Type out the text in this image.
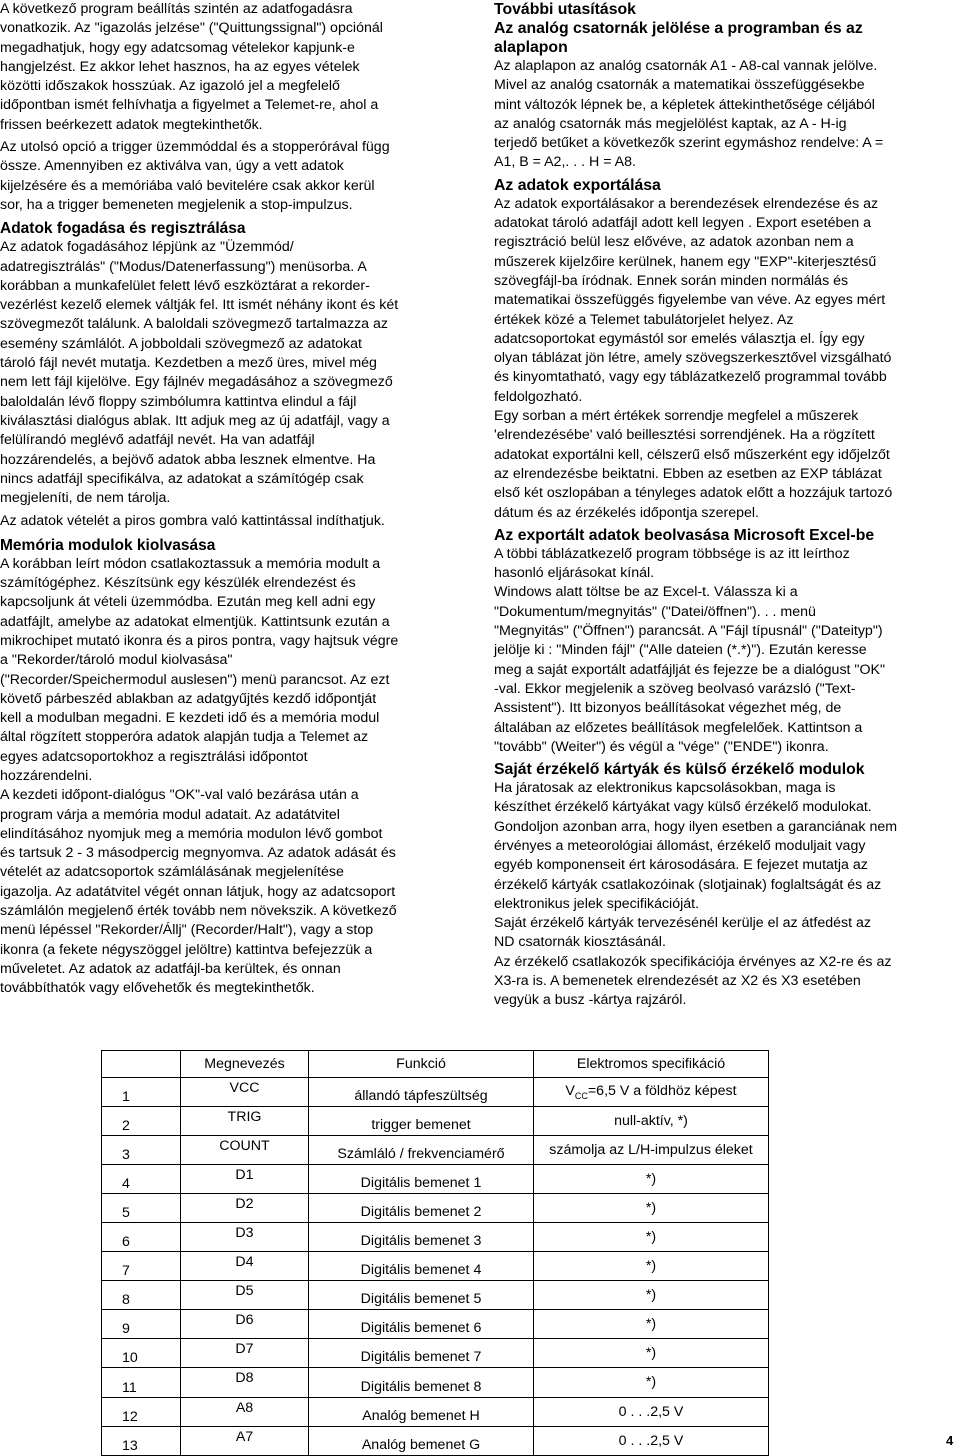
A következő program beállítás szintén az adatfogadásra
vonatkozik. Az "igazolás jelzése" ("Quittungssignal") opciónál
megadhatjuk, hogy egy adatcsomag vételekor kapjunk-e
hangjelzést. Ez akkor lehet hasznos, ha az egyes vételek
közötti időszakok hosszúak. Az igazoló jel a megfelelő
időpontban ismét felhívhatja a figyelmet a Telemet-re, ahol a
frissen beérkezett adatok megtekinthetők.

Az utolsó opció a trigger üzemmóddal és a stopperórával függ
össze. Amennyiben ez aktiválva van, úgy a vett adatok
kijelzésére és a memóriába való bevitelére csak akkor kerül
sor, ha a trigger bemeneten megjelenik a stop-impulzus.

Adatok fogadása és regisztrálása

Az adatok fogadásához lépjünk az "Üzemmód/
adatregisztrálás" ("Modus/Datenerfassung") menüsorba. A
korábban a munkafelület felett lévő eszköztárat a rekorder-
vezérlést kezelő elemek váltják fel. Itt ismét néhány ikont és két
szövegmezőt találunk. A baloldali szövegmező tartalmazza az
esemény számlálót. A jobboldali szövegmező az adatokat
tároló fájl nevét mutatja. Kezdetben a mező üres, mivel még
nem lett fájl kijelölve. Egy fájlnév megadásához a szövegmező
baloldalán lévő floppy szimbólumra kattintva elindul a fájl
kiválasztási dialógus ablak. Itt adjuk meg az új adatfájl, vagy a
felülírandó meglévő adatfájl nevét. Ha van adatfájl
hozzárendelés, a bejövő adatok abba lesznek elmentve. Ha
nincs adatfájl specifikálva, az adatokat a számítógép csak
megjeleníti, de nem tárolja.

Az adatok vételét a piros gombra való kattintással indíthatjuk.

Memória modulok kiolvasása

A korábban leírt módon csatlakoztassuk a memória modult a
számítógéphez. Készítsünk egy készülék elrendezést és
kapcsoljunk át vételi üzemmódba. Ezután meg kell adni egy
adatfájlt, amelybe az adatokat elmentjük. Kattintsunk ezután a
mikrochipet mutató ikonra és a piros pontra, vagy hajtsuk végre
a "Rekorder/tároló modul kiolvasása"
("Recorder/Speichermodul auslesen") menü parancsot. Az ezt
követő párbeszéd ablakban az adatgyűjtés kezdő időpontját
kell a modulban megadni. E kezdeti idő és a memória modul
által rögzített stopperóra adatok alapján tudja a Telemet az
egyes adatcsoportokhoz a regisztrálási időpontot
hozzárendelni.
A kezdeti időpont-dialógus "OK"-val való bezárása után a
program várja a memória modul adatait. Az adatátvitel
elindításához nyomjuk meg a memória modulon lévő gombot
és tartsuk 2 - 3 másodpercig megnyomva. Az adatok adását és
vételét az adatcsoportok számlálásának megjelenítése
igazolja. Az adatátvitel végét onnan látjuk, hogy az adatcsoport
számlálón megjelenő érték tovább nem növekszik. A következő
menü lépéssel "Rekorder/Állj" (Recorder/Halt"), vagy a stop
ikonra (a fekete négyszöggel jelöltre) kattintva befejezzük a
műveletet. Az adatok az adatfájl-ba kerültek, és onnan
továbbíthatók vagy elővehetők és megtekinthetők.

További utasítások
Az analóg csatornák jelölése a programban és az
alaplapon

Az alaplapon az analóg csatornák A1 - A8-cal vannak jelölve.
Mivel az analóg csatornák a matematikai összefüggésekbe
mint változók lépnek be, a képletek áttekinthetősége céljából
az analóg csatornák más megjelölést kaptak, az A - H-ig
terjedő betűket a következők szerint egymáshoz rendelve: A =
A1, B = A2,. . . H = A8.

Az adatok exportálása

Az adatok exportálásakor a berendezések elrendezése és az
adatokat tároló adatfájl adott kell legyen . Export esetében a
regisztráció belül lesz elővéve, az adatok azonban nem a
műszerek kijelzőire kerülnek, hanem egy "EXP"-kiterjesztésű
szövegfájl-ba íródnak. Ennek során minden normálás és
matematikai összefüggés figyelembe van véve. Az egyes mért
értékek közé a Telemet tabulátorjelet helyez. Az
adatcsoportokat egymástól sor emelés választja el. Így egy
olyan táblázat jön létre, amely szövegszerkesztővel vizsgálható
és kinyomtatható, vagy egy táblázatkezelő programmal tovább
feldolgozható.
Egy sorban a mért értékek sorrendje megfelel a műszerek
'elrendezésébe' való beillesztési sorrendjének. Ha a rögzített
adatokat exportálni kell, célszerű első műszerként egy időjelzőt
az elrendezésbe beiktatni. Ebben az esetben az EXP táblázat
első két oszlopában a tényleges adatok előtt a hozzájuk tartozó
dátum és az érzékelés időpontja szerepel.

Az exportált adatok beolvasása Microsoft Excel-be

A többi táblázatkezelő program többsége is az itt leírthoz
hasonló eljárásokat kínál.
Windows alatt töltse be az Excel-t. Válassza ki a
"Dokumentum/megnyitás" ("Datei/öffnen"). . . menü
"Megnyitás" ("Öffnen") parancsát. A "Fájl típusnál" ("Dateityp")
jelölje ki : "Minden fájl" ("Alle dateien (*.*)"). Ezután keresse
meg a saját exportált adatfájlját és fejezze be a dialógust "OK"
-val. Ekkor megjelenik a szöveg beolvasó varázsló ("Text-
Assistent"). Itt bizonyos beállításokat végezhet még, de
általában az előzetes beállítások megfelelőek. Kattintson a
"tovább" (Weiter") és végül a "vége" ("ENDE") ikonra.

Saját érzékelő kártyák és külső érzékelő modulok

Ha járatosak az elektronikus kapcsolásokban, maga is
készíthet érzékelő kártyákat vagy külső érzékelő modulokat.
Gondoljon azonban arra, hogy ilyen esetben a garanciának nem
érvényes a meteorológiai állomást, érzékelő moduljait vagy
egyéb komponenseit ért károsodására. E fejezet mutatja az
érzékelő kártyák csatlakozóinak (slotjainak) foglaltságát és az
elektronikus jelek specifikációját.
Saját érzékelő kártyák tervezésénél kerülje el az átfedést az
ND csatornák kiosztásánál.
Az érzékelő csatlakozók specifikációja érvényes az X2-re és az
X3-ra is. A bemenetek elrendezését az X2 és X3 esetében
vegyük a busz -kártya rajzáról.

	Megnevezés	Funkció	Elektromos specifikáció
1	VCC	állandó tápfeszültség	$V_{CC}=6,5$ V a földhöz képest
2	TRIG	trigger bemenet	null-aktív, *)
3	COUNT	Számláló / frekvenciamérő	számolja az L/H-impulzus éleket
4	D1	Digitális bemenet 1	*)
5	D2	Digitális bemenet 2	*)
6	D3	Digitális bemenet 3	*)
7	D4	Digitális bemenet 4	*)
8	D5	Digitális bemenet 5	*)
9	D6	Digitális bemenet 6	*)
10	D7	Digitális bemenet 7	*)
11	D8	Digitális bemenet 8	*)
12	A8	Analóg bemenet H	0 . . .2,5 V
13	A7	Analóg bemenet G	0 . . .2,5 V	4
